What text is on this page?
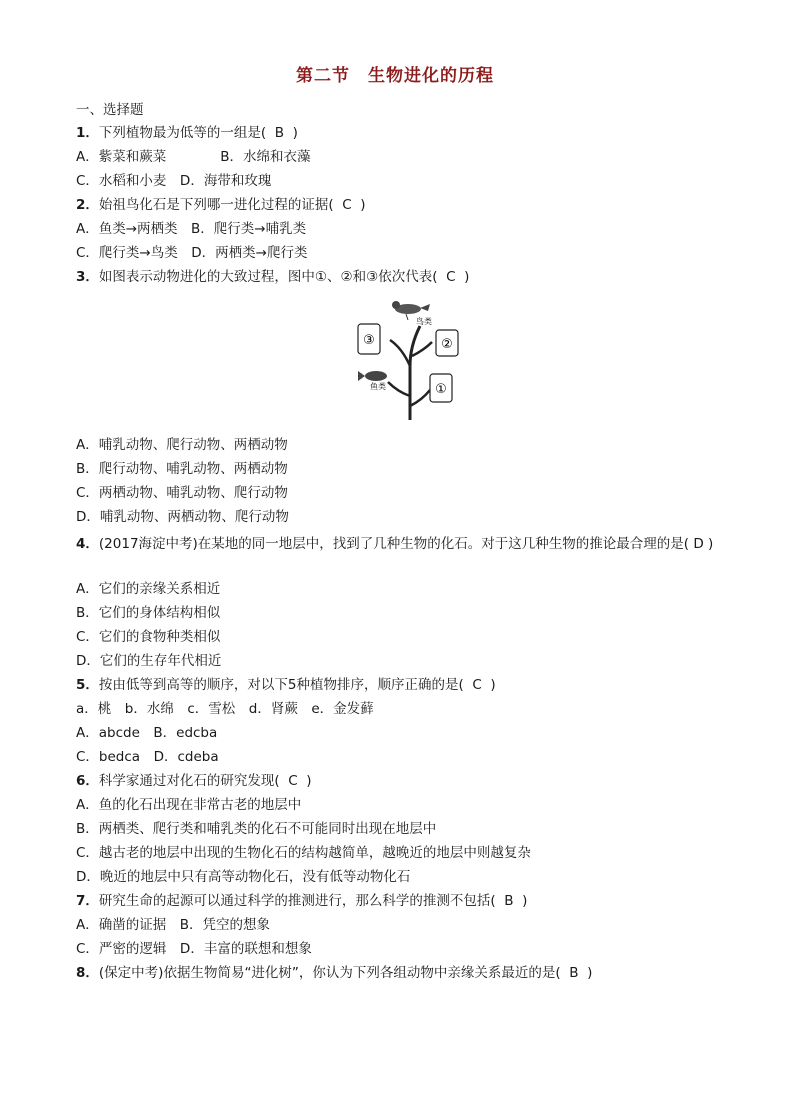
第二节　生物进化的历程
一、选择题
1．下列植物最为低等的一组是(  B  )
A．紫菜和蕨菜　　　　B．水绵和衣藻
C．水稻和小麦　D．海带和玫瑰
2．始祖鸟化石是下列哪一进化过程的证据(  C  )
A．鱼类→两栖类　B．爬行类→哺乳类
C．爬行类→鸟类　D．两栖类→爬行类
3．如图表示动物进化的大致过程，图中①、②和③依次代表(  C  )
鸟类
鱼类
③	②
①
A．哺乳动物、爬行动物、两栖动物
B．爬行动物、哺乳动物、两栖动物
C．两栖动物、哺乳动物、爬行动物
D．哺乳动物、两栖动物、爬行动物
4．(2017海淀中考)在某地的同一地层中，找到了几种生物的化石。对于这几种生物的推论最合理的是( D )
A．它们的亲缘关系相近
B．它们的身体结构相似
C．它们的食物种类相似
D．它们的生存年代相近
5．按由低等到高等的顺序，对以下5种植物排序，顺序正确的是(  C  )
a．桃　b．水绵　c．雪松　d．肾蕨　e．金发藓
A．abcde　B．edcba
C．bedca　D．cdeba
6．科学家通过对化石的研究发现(  C  )
A．鱼的化石出现在非常古老的地层中
B．两栖类、爬行类和哺乳类的化石不可能同时出现在地层中
C．越古老的地层中出现的生物化石的结构越简单，越晚近的地层中则越复杂
D．晚近的地层中只有高等动物化石，没有低等动物化石
7．研究生命的起源可以通过科学的推测进行，那么科学的推测不包括(  B  )
A．确凿的证据　B．凭空的想象
C．严密的逻辑　D．丰富的联想和想象
8．(保定中考)依据生物简易“进化树”，你认为下列各组动物中亲缘关系最近的是(  B  )
